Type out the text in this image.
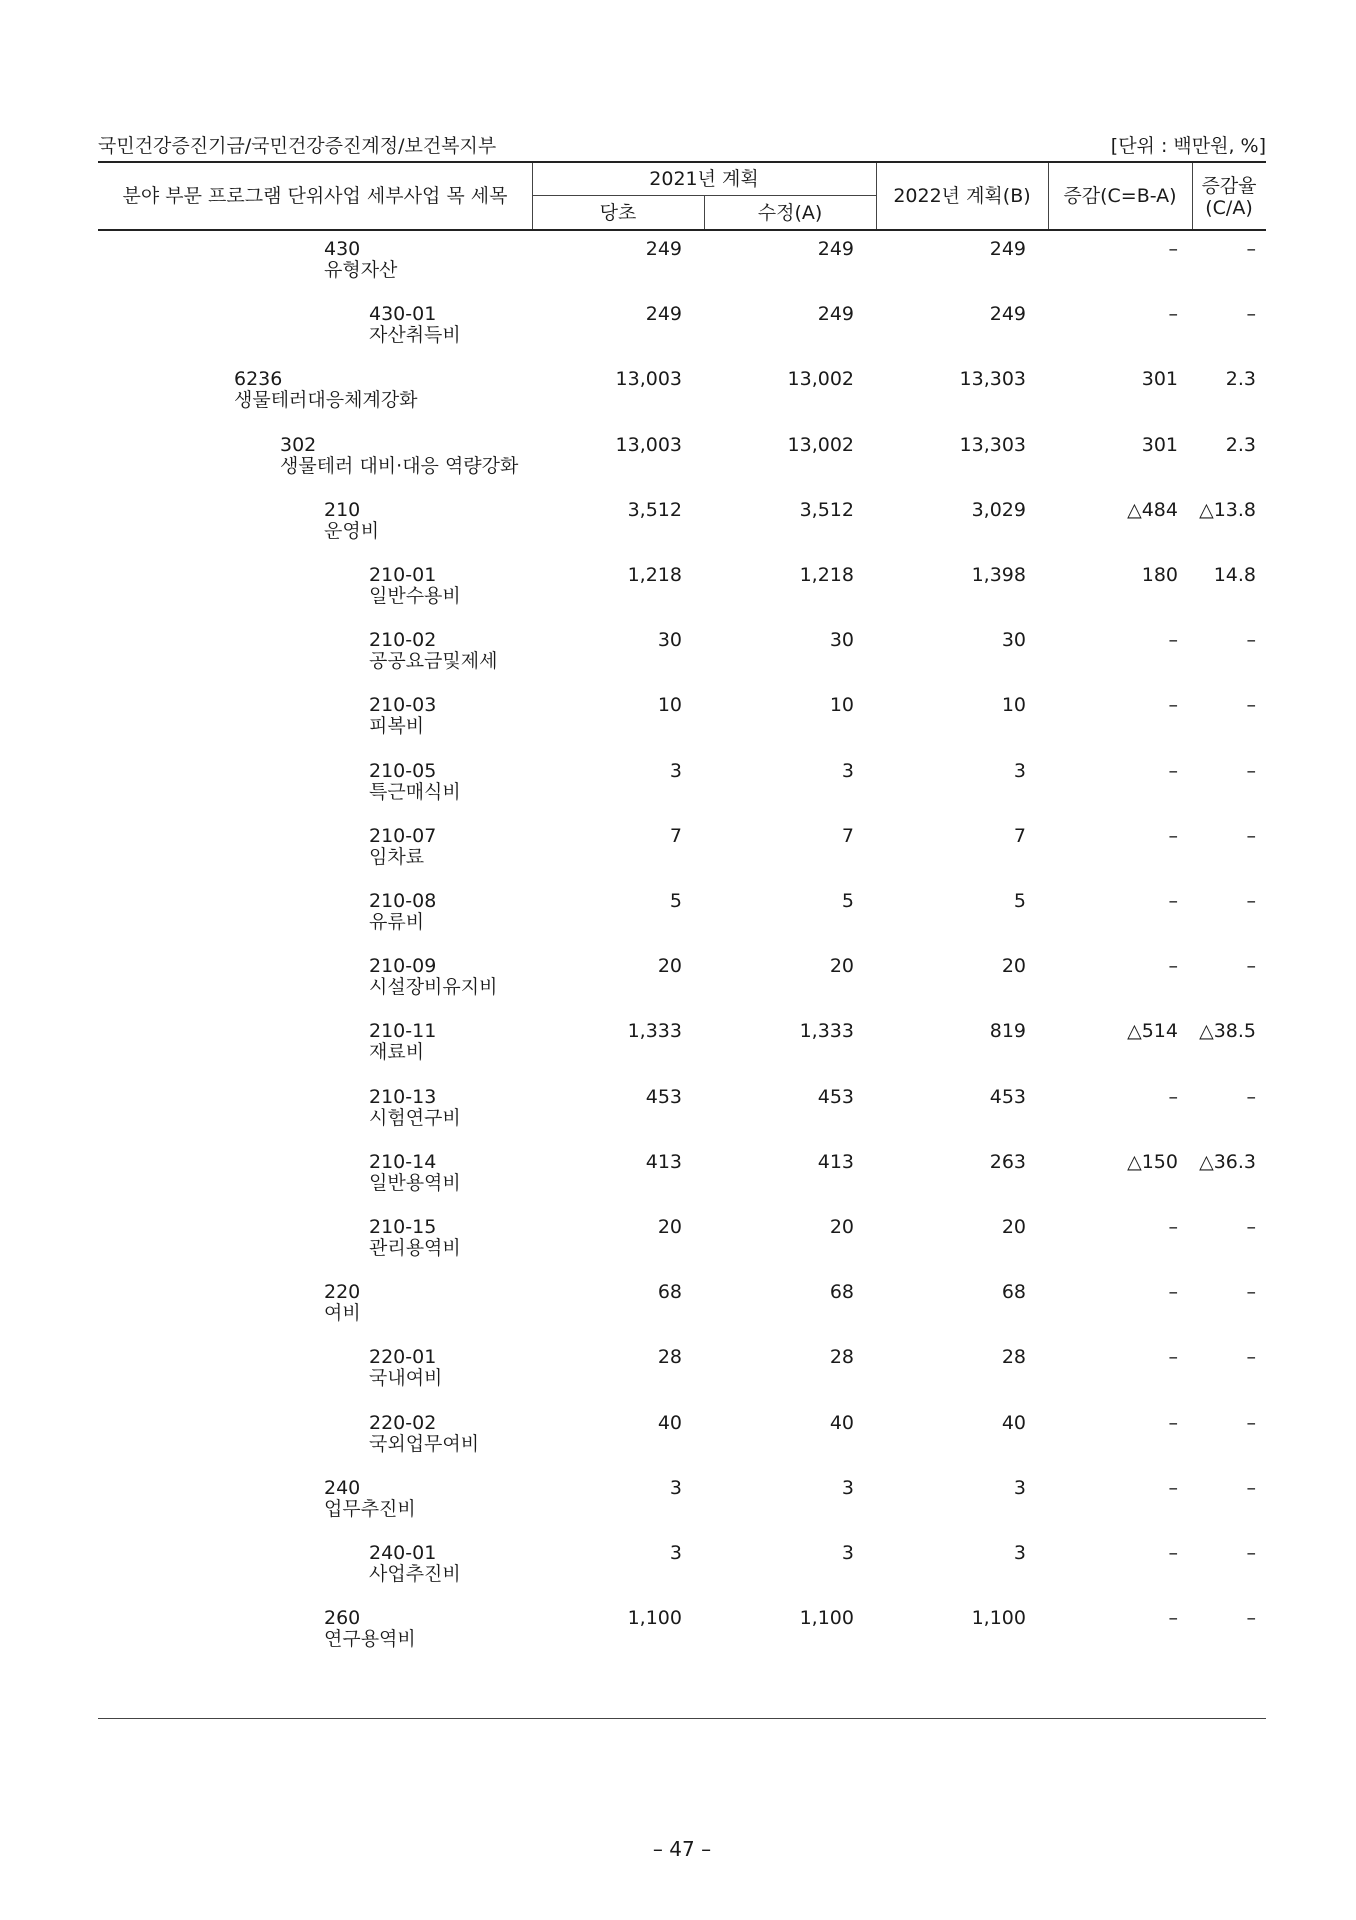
국민건강증진기금/국민건강증진계정/보건복지부	[단위 : 백만원, %]
분야 부문 프로그램 단위사업 세부사업 목 세목
2021년 계획
당초	수정(A)
2022년 계획(B)	증감(C=B-A)	증감율
(C/A)
430
유형자산
249	249	249	–	–
430-01
자산취득비
249	249	249	–	–
6236
생물테러대응체계강화
13,003	13,002	13,303	301	2.3
302
생물테러 대비·대응 역량강화
13,003	13,002	13,303	301	2.3
210
운영비
3,512	3,512	3,029	△484 △13.8
210-01
일반수용비
1,218	1,218	1,398	180 14.8
210-02
공공요금및제세
30	30	30	–	–
210-03
피복비
10	10	10	–	–
210-05
특근매식비
3	3	3	–	–
210-07
임차료
7	7	7	–	–
210-08
유류비
5	5	5	–	–
210-09
시설장비유지비
20	20	20	–	–
210-11
재료비
1,333	1,333	819	△514 △38.5
210-13
시험연구비
453	453	453	–	–
210-14
일반용역비
413	413	263	△150 △36.3
210-15
관리용역비
20	20	20	–	–
220
여비
68	68	68	–	–
220-01
국내여비
28	28	28	–	–
220-02
국외업무여비
40	40	40	–	–
240
업무추진비
3	3	3	–	–
240-01
사업추진비
3	3	3	–	–
260
연구용역비
1,100	1,100	1,100	–	–
– 47 –
